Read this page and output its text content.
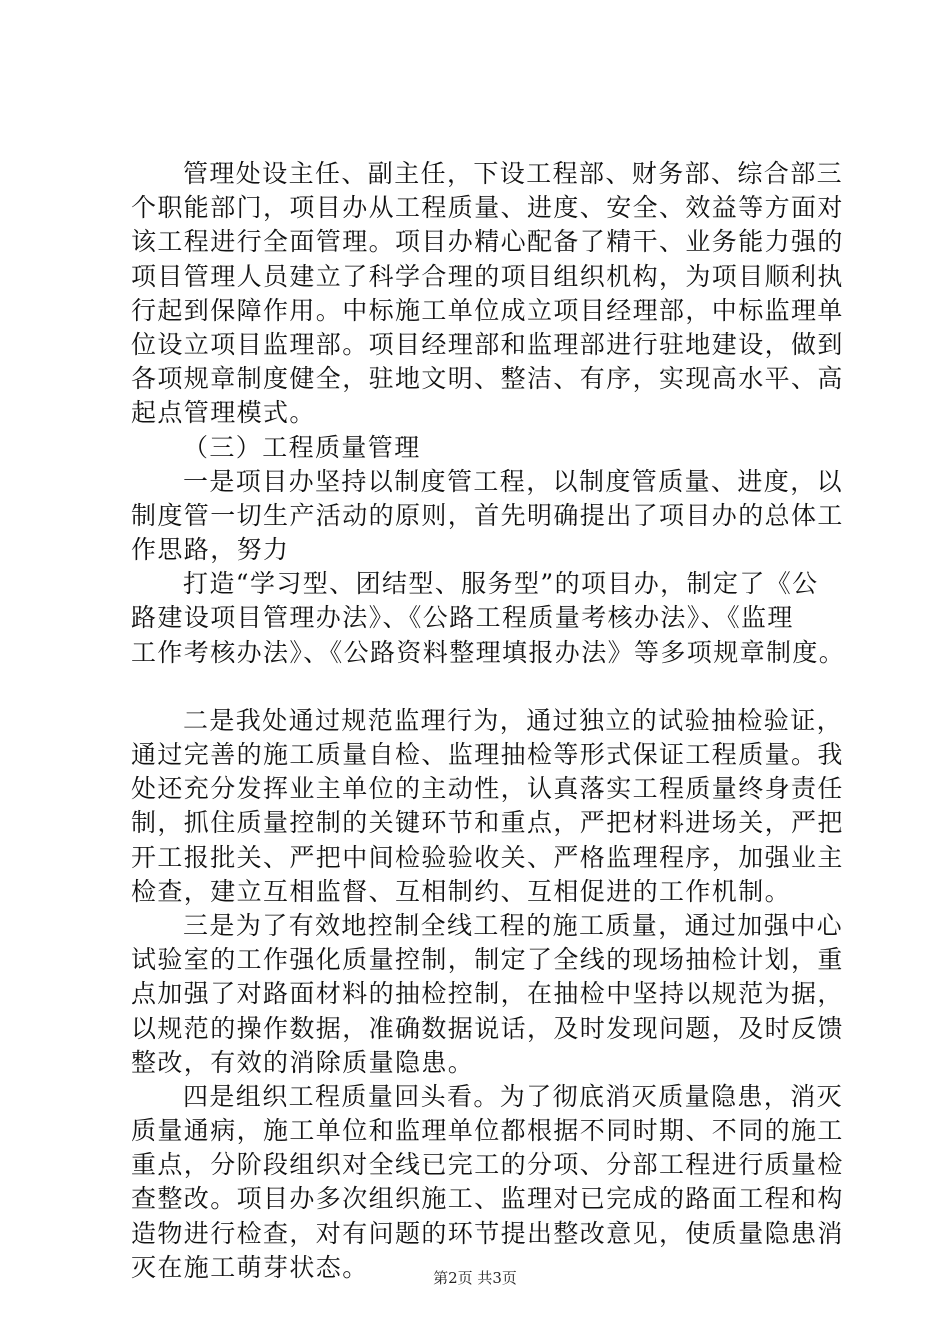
管理处设主任、副主任，下设工程部、财务部、综合部三
个职能部门，项目办从工程质量、进度、安全、效益等方面对
该工程进行全面管理。项目办精心配备了精干、业务能力强的
项目管理人员建立了科学合理的项目组织机构，为项目顺利执
行起到保障作用。中标施工单位成立项目经理部，中标监理单
位设立项目监理部。项目经理部和监理部进行驻地建设，做到
各项规章制度健全，驻地文明、整洁、有序，实现高水平、高
起点管理模式。
（三）工程质量管理
一是项目办坚持以制度管工程，以制度管质量、进度，以
制度管一切生产活动的原则，首先明确提出了项目办的总体工
作思路，努力
打造“学习型、团结型、服务型”的项目办，制定了《公
路建设项目管理办法》、《公路工程质量考核办法》、《监理
工作考核办法》、《公路资料整理填报办法》等多项规章制度。
二是我处通过规范监理行为，通过独立的试验抽检验证，
通过完善的施工质量自检、监理抽检等形式保证工程质量。我
处还充分发挥业主单位的主动性，认真落实工程质量终身责任
制，抓住质量控制的关键环节和重点，严把材料进场关，严把
开工报批关、严把中间检验验收关、严格监理程序，加强业主
检查，建立互相监督、互相制约、互相促进的工作机制。
三是为了有效地控制全线工程的施工质量，通过加强中心
试验室的工作强化质量控制，制定了全线的现场抽检计划，重
点加强了对路面材料的抽检控制，在抽检中坚持以规范为据，
以规范的操作数据，准确数据说话，及时发现问题，及时反馈
整改，有效的消除质量隐患。
四是组织工程质量回头看。为了彻底消灭质量隐患，消灭
质量通病，施工单位和监理单位都根据不同时期、不同的施工
重点，分阶段组织对全线已完工的分项、分部工程进行质量检
查整改。项目办多次组织施工、监理对已完成的路面工程和构
造物进行检查，对有问题的环节提出整改意见，使质量隐患消
灭在施工萌芽状态。	第2页 共3页
